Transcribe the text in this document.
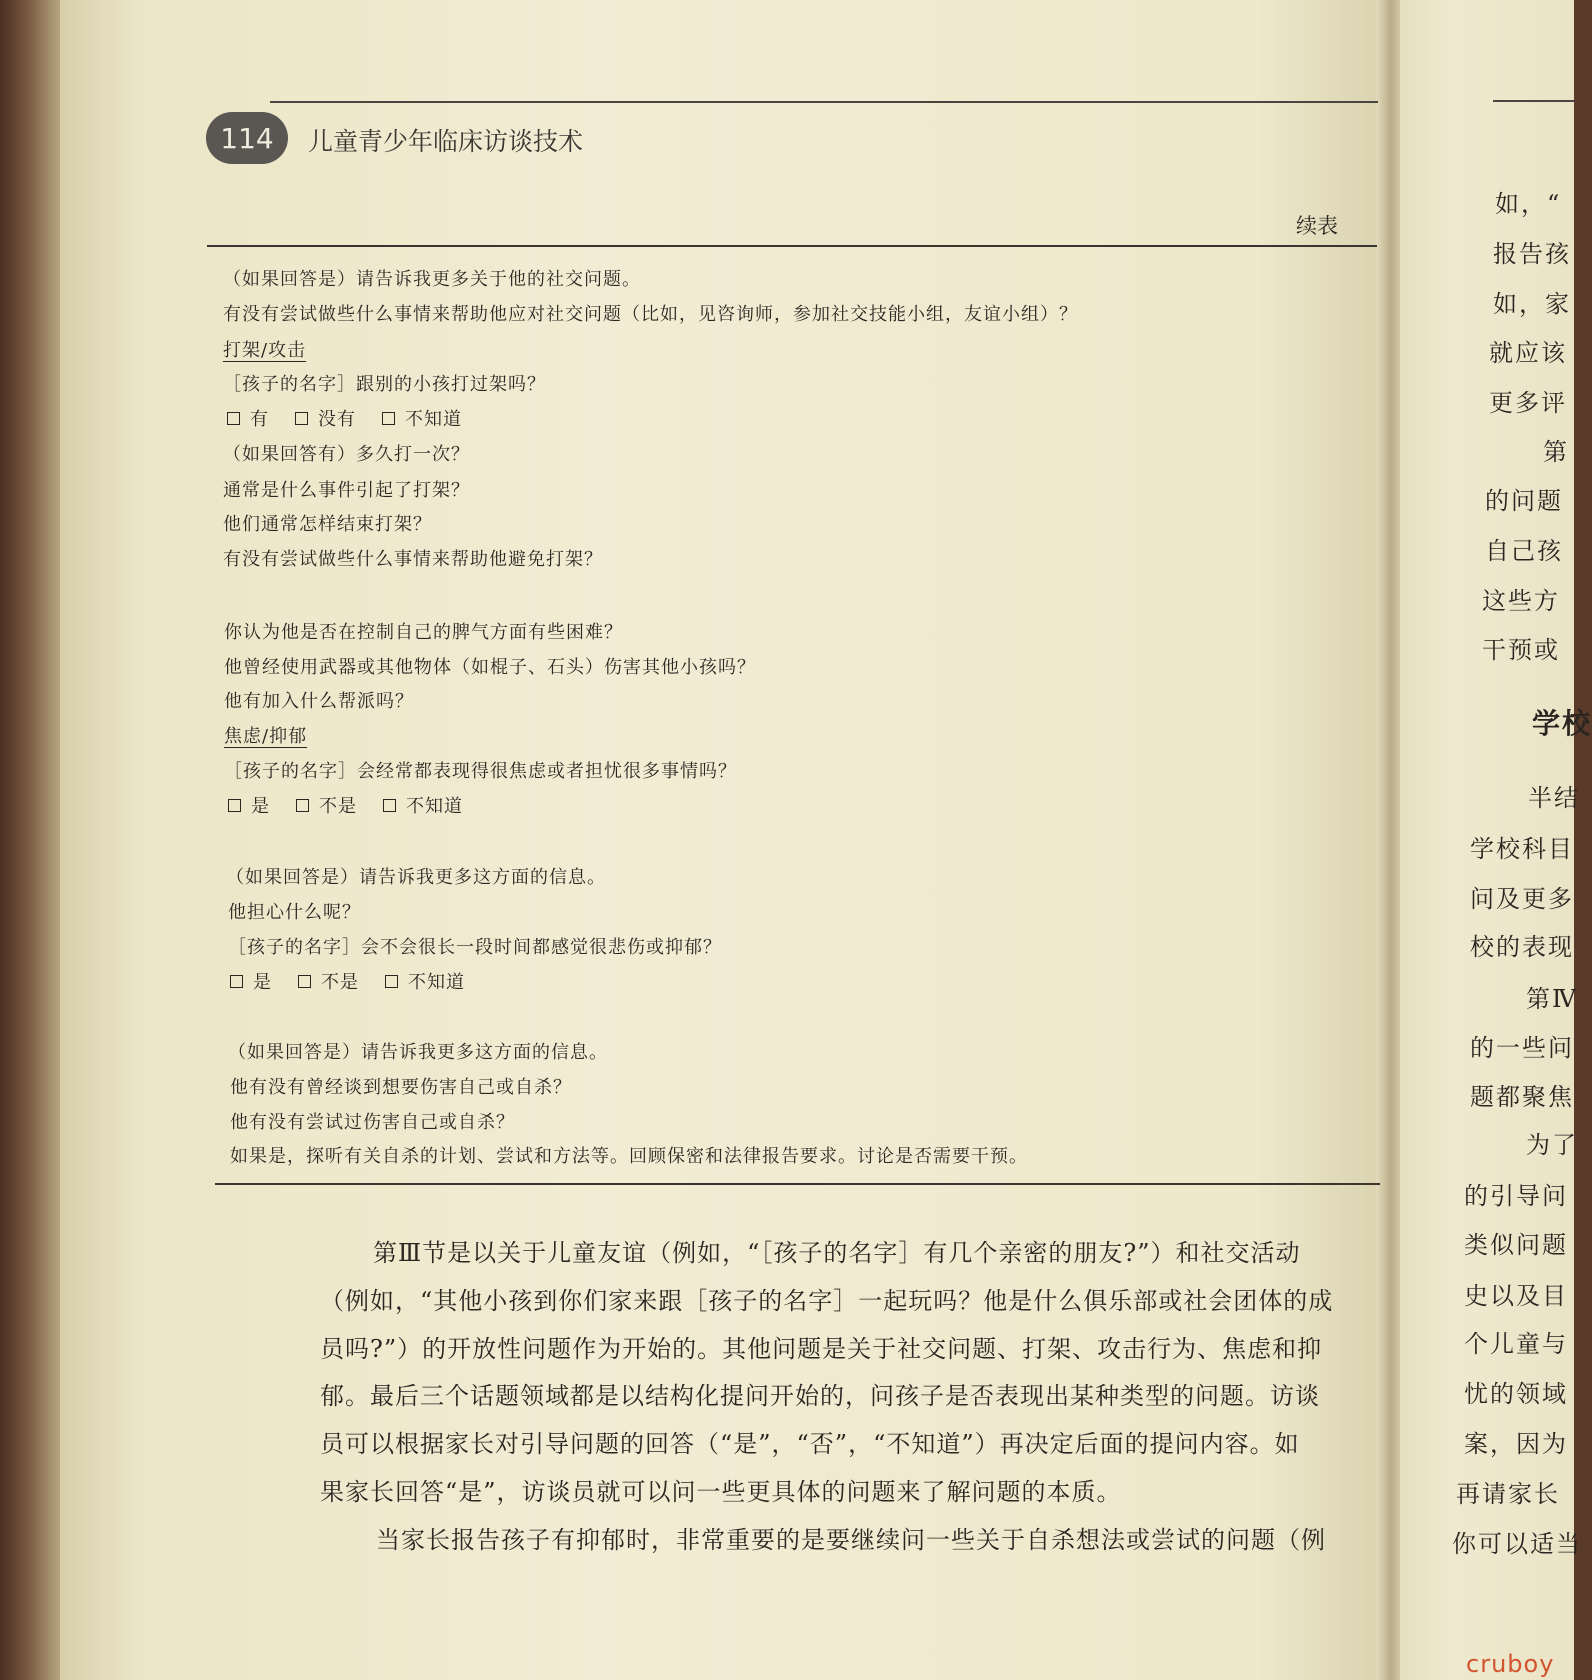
114 儿童青少年临床访谈技术
续表
（如果回答是）请告诉我更多关于他的社交问题。
有没有尝试做些什么事情来帮助他应对社交问题（比如，见咨询师，参加社交技能小组，友谊小组）？
打架/攻击
［孩子的名字］跟别的小孩打过架吗？
有	没有	不知道
（如果回答有）多久打一次？
通常是什么事件引起了打架？
他们通常怎样结束打架？
有没有尝试做些什么事情来帮助他避免打架？
你认为他是否在控制自己的脾气方面有些困难？
他曾经使用武器或其他物体（如棍子、石头）伤害其他小孩吗？
他有加入什么帮派吗？
焦虑/抑郁
［孩子的名字］会经常都表现得很焦虑或者担忧很多事情吗？
是	不是	不知道
（如果回答是）请告诉我更多这方面的信息。
他担心什么呢？
［孩子的名字］会不会很长一段时间都感觉很悲伤或抑郁？
是	不是	不知道
（如果回答是）请告诉我更多这方面的信息。
他有没有曾经谈到想要伤害自己或自杀？
他有没有尝试过伤害自己或自杀？
如果是，探听有关自杀的计划、尝试和方法等。回顾保密和法律报告要求。讨论是否需要干预。
第Ⅲ节是以关于儿童友谊（例如，“［孩子的名字］有几个亲密的朋友?”）和社交活动
（例如，“其他小孩到你们家来跟［孩子的名字］一起玩吗？他是什么俱乐部或社会团体的成
员吗?”）的开放性问题作为开始的。其他问题是关于社交问题、打架、攻击行为、焦虑和抑
郁。最后三个话题领域都是以结构化提问开始的，问孩子是否表现出某种类型的问题。访谈
员可以根据家长对引导问题的回答（“是”，“否”，“不知道”）再决定后面的提问内容。如
果家长回答“是”，访谈员就可以问一些更具体的问题来了解问题的本质。
当家长报告孩子有抑郁时，非常重要的是要继续问一些关于自杀想法或尝试的问题（例
如，“
报告孩
如，家
就应该
更多评
第
的问题
自己孩
这些方
干预或
学校
半结
学校科目
问及更多
校的表现
第Ⅳ
的一些问
题都聚焦
为了
的引导问
类似问题
史以及目
个儿童与
忧的领域
案，因为
再请家长
你可以适当
cruboy
